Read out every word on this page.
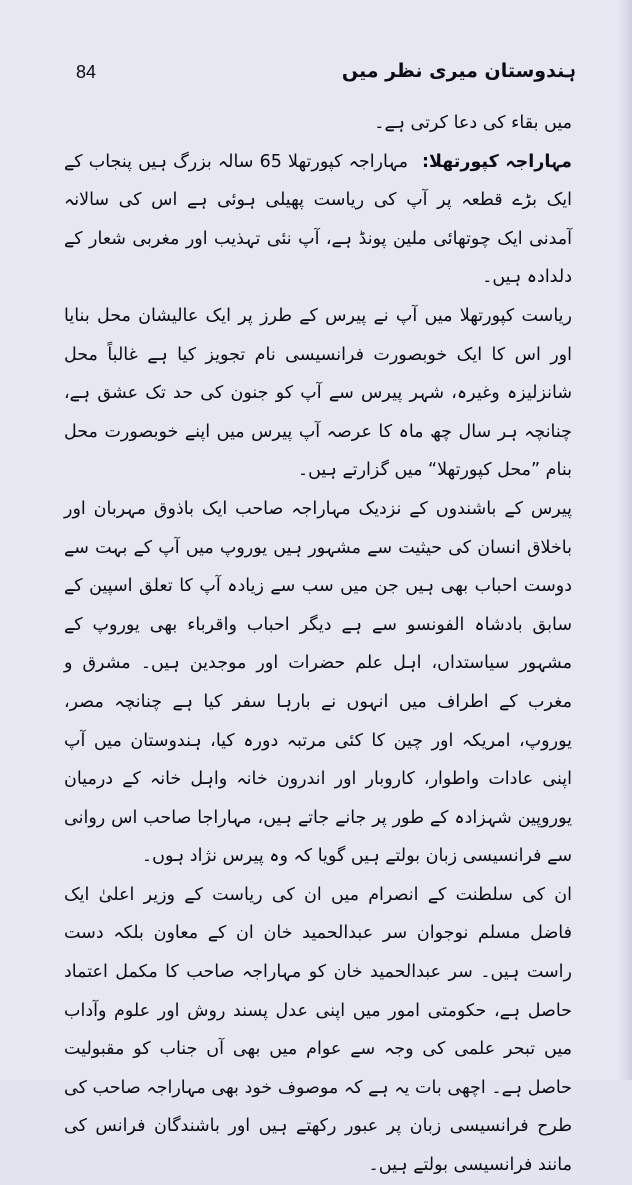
ہندوستان میری نظر میں
84

میں بقاء کی دعا کرتی ہے۔

مہاراجہ کپورتھلا:مہاراجہ کپورتھلا 65 سالہ بزرگ ہیں پنجاب کے ایک بڑے قطعہ پر آپ کی ریاست پھیلی ہوئی ہے اس کی سالانہ آمدنی ایک چوتھائی ملین پونڈ ہے، آپ نئی تہذیب اور مغربی شعار کے دلدادہ ہیں۔

ریاست کپورتھلا میں آپ نے پیرس کے طرز پر ایک عالیشان محل بنایا اور اس کا ایک خوبصورت فرانسیسی نام تجویز کیا ہے غالباً محل شانزلیزہ وغیرہ، شہر پیرس سے آپ کو جنون کی حد تک عشق ہے، چنانچہ ہر سال چھ ماہ کا عرصہ آپ پیرس میں اپنے خوبصورت محل بنام ”محل کپورتھلا“ میں گزارتے ہیں۔

پیرس کے باشندوں کے نزدیک مہاراجہ صاحب ایک باذوق مہربان اور باخلاق انسان کی حیثیت سے مشہور ہیں یوروپ میں آپ کے بہت سے دوست احباب بھی ہیں جن میں سب سے زیادہ آپ کا تعلق اسپین کے سابق بادشاہ الفونسو سے ہے دیگر احباب واقرباء بھی یوروپ کے مشہور سیاستداں، اہل علم حضرات اور موجدین ہیں۔ مشرق و مغرب کے اطراف میں انہوں نے بارہا سفر کیا ہے چنانچہ مصر، یوروپ، امریکہ اور چین کا کئی مرتبہ دورہ کیا، ہندوستان میں آپ اپنی عادات واطوار، کاروبار اور اندرون خانہ واہل خانہ کے درمیان یوروپین شہزادہ کے طور پر جانے جاتے ہیں، مہاراجا صاحب اس روانی سے فرانسیسی زبان بولتے ہیں گویا کہ وہ پیرس نژاد ہوں۔

ان کی سلطنت کے انصرام میں ان کی ریاست کے وزیر اعلیٰ ایک فاضل مسلم نوجوان سر عبدالحمید خان ان کے معاون بلکہ دست راست ہیں۔ سر عبدالحمید خان کو مہاراجہ صاحب کا مکمل اعتماد حاصل ہے، حکومتی امور میں اپنی عدل پسند روش اور علوم وآداب میں تبحر علمی کی وجہ سے عوام میں بھی آں جناب کو مقبولیت حاصل ہے۔ اچھی بات یہ ہے کہ موصوف خود بھی مہاراجہ صاحب کی طرح فرانسیسی زبان پر عبور رکھتے ہیں اور باشندگان فرانس کی مانند فرانسیسی بولتے ہیں۔
